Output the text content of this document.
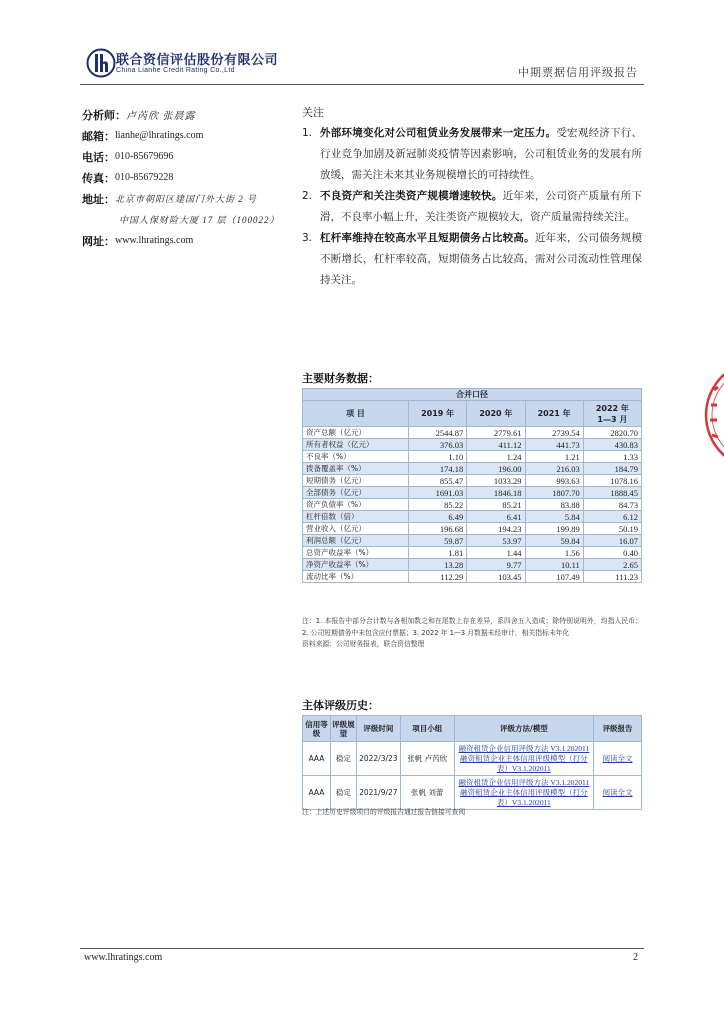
联合资信评估股份有限公司
China Lianhe Credit Rating Co.,Ltd	中期票据信用评级报告
分析师： 卢芮欣 张晨露
邮箱： lianhe@lhratings.com
电话： 010-85679696
传真： 010-85679228
地址： 北京市朝阳区建国门外大街 2 号
中国人保财险大厦 17 层（100022）
网址： www.lhratings.com
关注
1. 外部环境变化对公司租赁业务发展带来一定压力。受宏观经济下行、行业竞争加剧及新冠肺炎疫情等因素影响，公司租赁业务的发展有所放缓，需关注未来其业务规模增长的可持续性。
2. 不良资产和关注类资产规模增速较快。近年来，公司资产质量有所下滑，不良率小幅上升，关注类资产规模较大，资产质量需持续关注。
3. 杠杆率维持在较高水平且短期债务占比较高。近年来，公司债务规模不断增长，杠杆率较高，短期债务占比较高，需对公司流动性管理保持关注。
主要财务数据：
合并口径				
项 目	2019 年	2020 年	2021 年	2022 年
1—3 月
资产总额（亿元）	2544.87	2779.61	2739.54	2820.70
所有者权益（亿元）	376.03	411.12	441.73	430.83
不良率（%）	1.10	1.24	1.21	1.33
拨备覆盖率（%）	174.18	196.00	216.03	184.79
短期债务（亿元）	855.47	1033.29	993.63	1078.16
全部债务（亿元）	1691.03	1846.18	1807.70	1888.45
资产负债率（%）	85.22	85.21	83.88	84.73
杠杆倍数（倍）	6.49	6.41	5.84	6.12
营业收入（亿元）	196.68	194.23	199.89	50.19
利润总额（亿元）	59.87	53.97	59.84	16.07
总资产收益率（%）	1.81	1.44	1.56	0.40
净资产收益率（%）	13.28	9.77	10.11	2.65
流动比率（%）	112.29	103.45	107.49	111.23
注：1. 本报告中部分合计数与各相加数之和在尾数上存在差异，系四舍五入造成；除特别说明外，均指人民币；2. 公司短期债务中未包含应付票据；3. 2022 年 1—3 月数据未经审计，相关指标未年化
资料来源：公司财务报表，联合资信整理
主体评级历史：
信用等级	评级展望	评级时间	项目小组	评级方法/模型	评级报告
AAA	稳定	2022/3/23	张帆 卢芮欣	融资租赁企业信用评级方法 V3.1.202011
融资租赁企业主体信用评级模型（打分表）V3.1.202011	阅读全文
AAA	稳定	2021/9/27	张帆 刘蕾	融资租赁企业信用评级方法 V3.1.202011
融资租赁企业主体信用评级模型（打分表）V3.1.202011	阅读全文
注：上述历史评级项目的评级报告通过报告链接可查阅
www.lhratings.com	2
